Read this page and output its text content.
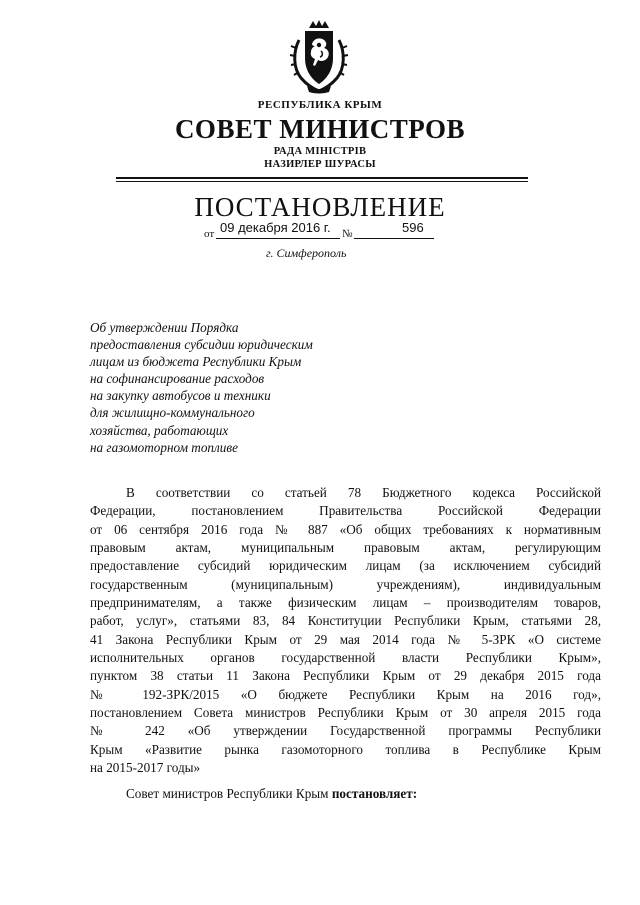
РЕСПУБЛИКА КРЫМ
СОВЕТ МИНИСТРОВ
РАДА МІНІСТРІВ
НАЗИРЛЕР ШУРАСЫ
ПОСТАНОВЛЕНИЕ
от	№
09 декабря 2016 г.	596
г. Симферополь
Об утверждении Порядка
предоставления субсидии юридическим
лицам из бюджета Республики Крым
на софинансирование расходов
на закупку автобусов и техники
для жилищно-коммунального
хозяйства, работающих
на газомоторном топливе
В соответствии со статьей 78 Бюджетного кодекса Российской
Федерации, постановлением Правительства Российской Федерации
от 06 сентября 2016 года № 887 «Об общих требованиях к нормативным
правовым актам, муниципальным правовым актам, регулирующим
предоставление субсидий юридическим лицам (за исключением субсидий
государственным (муниципальным) учреждениям), индивидуальным
предпринимателям, а также физическим лицам – производителям товаров,
работ, услуг», статьями 83, 84 Конституции Республики Крым, статьями 28,
41 Закона Республики Крым от 29 мая 2014 года № 5-ЗРК «О системе
исполнительных органов государственной власти Республики Крым»,
пунктом 38 статьи 11 Закона Республики Крым от 29 декабря 2015 года
№ 192-ЗРК/2015 «О бюджете Республики Крым на 2016 год»,
постановлением Совета министров Республики Крым от 30 апреля 2015 года
№ 242 «Об утверждении Государственной программы Республики
Крым «Развитие рынка газомоторного топлива в Республике Крым
на 2015-2017 годы»
Совет министров Республики Крым постановляет:
